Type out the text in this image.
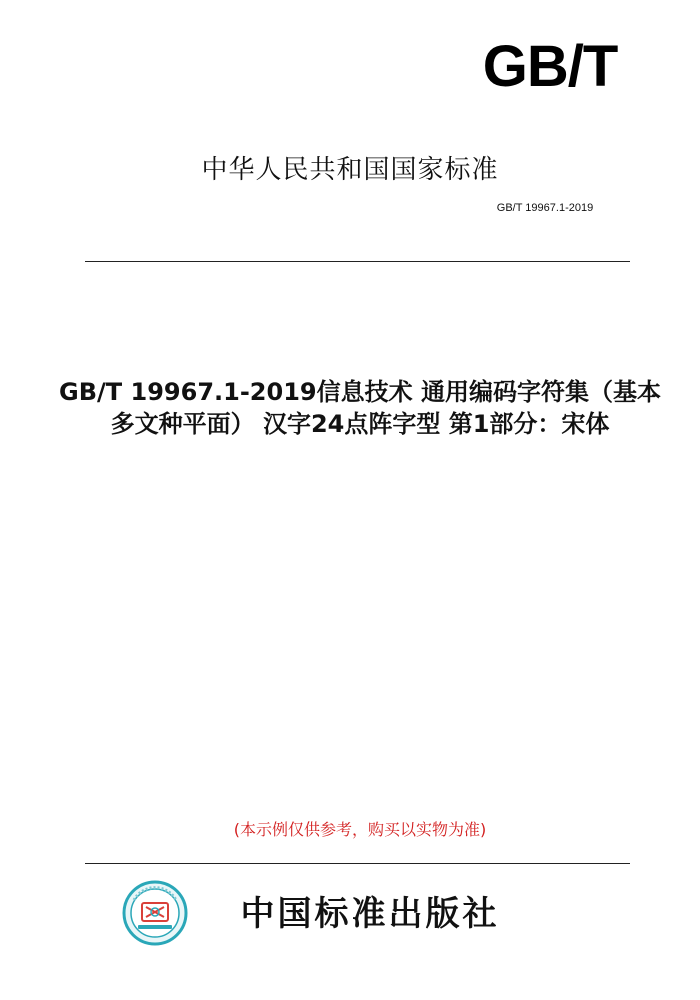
GB/T
中华人民共和国国家标准
GB/T 19967.1-2019
GB/T 19967.1-2019信息技术 通用编码字符集（基本多文种平面） 汉字24点阵字型 第1部分：宋体
(本示例仅供参考，购买以实物为准)
中国标准出版社
